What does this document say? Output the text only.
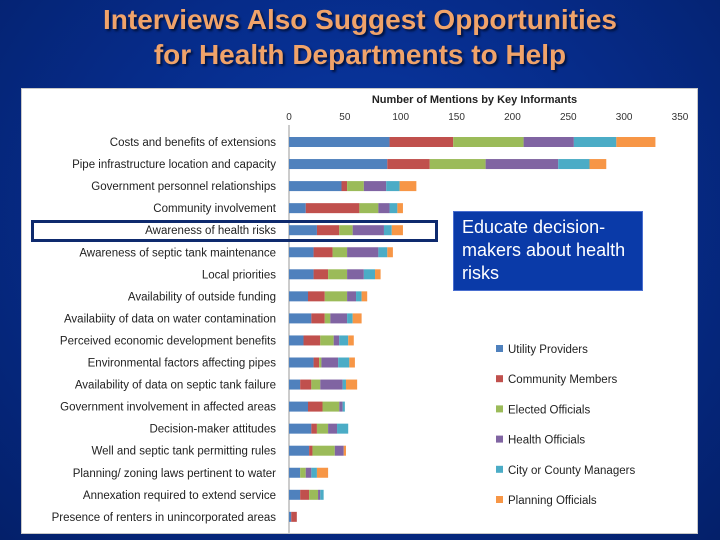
Interviews Also Suggest Opportunities
for Health Departments to Help
Number of Mentions by Key Informants
0	50	100	150	200	250	300	350
Costs and benefits of extensions
Pipe infrastructure location and capacity
Government personnel relationships
Community involvement
Awareness of health risks
Awareness of septic tank maintenance
Local priorities
Availability of outside funding
Availabiity of data on water contamination
Perceived economic development benefits
Environmental factors affecting pipes
Availability of data on septic tank failure
Government involvement in affected areas
Decision-maker attitudes
Well and septic tank permitting rules
Planning/ zoning laws pertinent to water
Annexation required to extend service
Presence of renters in unincorporated areas
Utility Providers
Community Members
Elected Officials
Health Officials
City or County Managers
Planning Officials
Educate decision-makers about health risks
